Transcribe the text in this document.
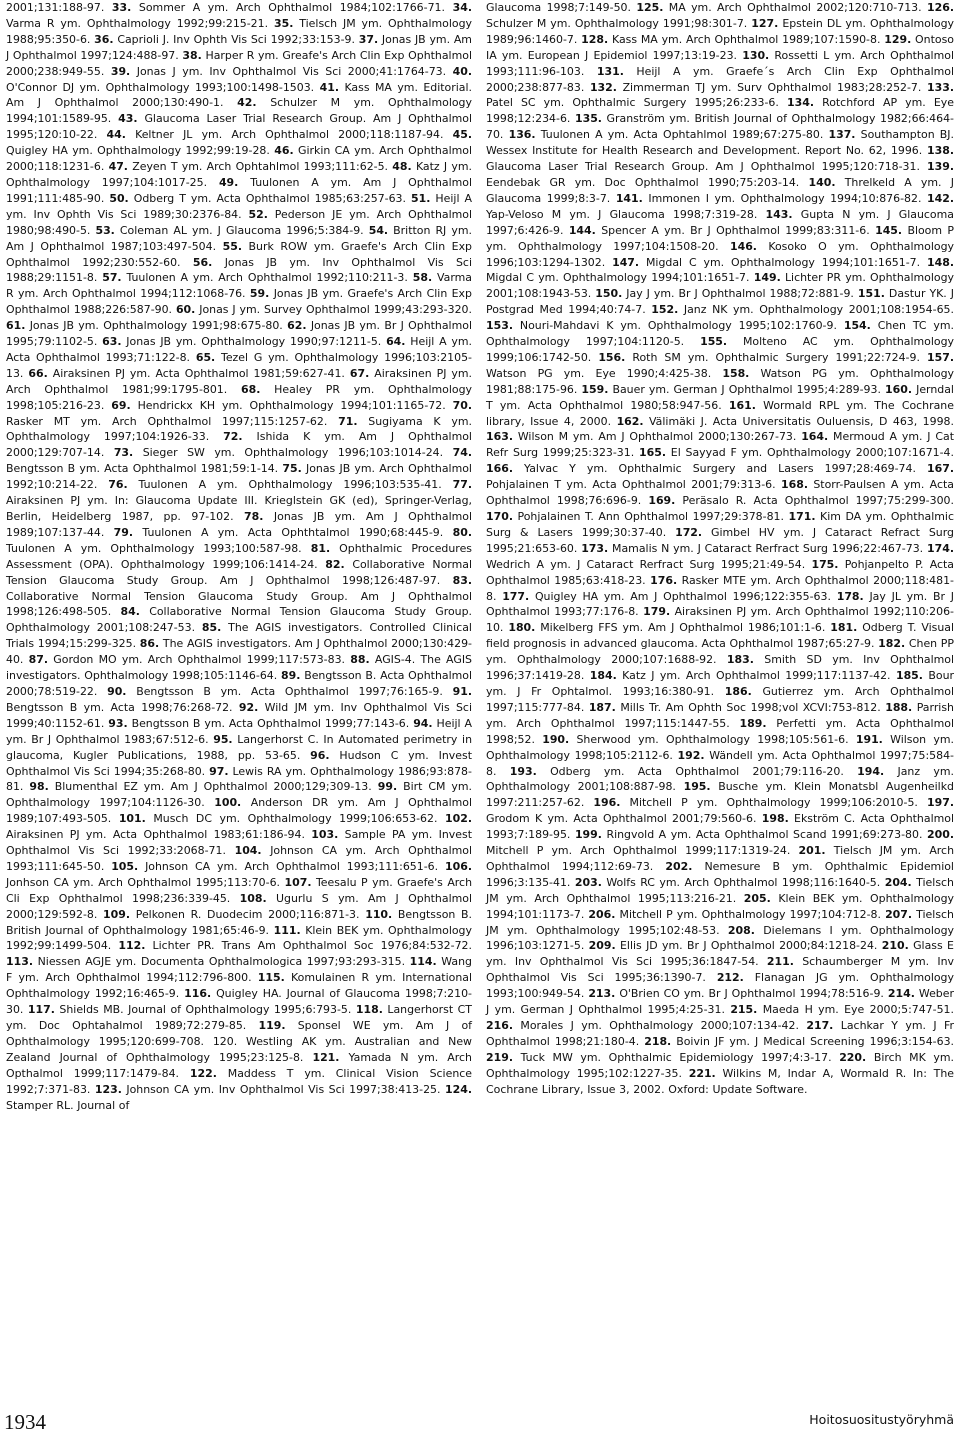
2001;131:188-97. 33. Sommer A ym. Arch Ophthalmol 1984;102:1766-71. 34. Varma R ym. Ophthalmology 1992;99:215-21. 35. Tielsch JM ym. Ophthalmology 1988;95:350-6. 36. Caprioli J. Inv Ophth Vis Sci 1992;33:153-9. 37. Jonas JB ym. Am J Ophthalmol 1997;124:488-97. 38. Harper R ym. Greafe's Arch Clin Exp Ophthalmol 2000;238:949-55. 39. Jonas J ym. Inv Ophthalmol Vis Sci 2000;41:1764-73. 40. O'Connor DJ ym. Ophthalmology 1993;100:1498-1503. 41. Kass MA ym. Editorial. Am J Ophthalmol 2000;130:490-1. 42. Schulzer M ym. Ophthalmology 1994;101:1589-95. 43. Glaucoma Laser Trial Research Group. Am J Ophthalmol 1995;120:10-22. 44. Keltner JL ym. Arch Ophthalmol 2000;118:1187-94. 45. Quigley HA ym. Ophthalmology 1992;99:19-28. 46. Girkin CA ym. Arch Ophthalmol 2000;118:1231-6. 47. Zeyen T ym. Arch Ophtahlmol 1993;111:62-5. 48. Katz J ym. Ophthalmology 1997;104:1017-25. 49. Tuulonen A ym. Am J Ophthalmol 1991;111:485-90. 50. Odberg T ym. Acta Ophthalmol 1985;63:257-63. 51. Heijl A ym. Inv Ophth Vis Sci 1989;30:2376-84. 52. Pederson JE ym. Arch Ophthalmol 1980;98:490-5. 53. Coleman AL ym. J Glaucoma 1996;5:384-9. 54. Britton RJ ym. Am J Ophthalmol 1987;103:497-504. 55. Burk ROW ym. Graefe's Arch Clin Exp Ophthalmol 1992;230:552-60. 56. Jonas JB ym. Inv Ophthalmol Vis Sci 1988;29:1151-8. 57. Tuulonen A ym. Arch Ophthalmol 1992;110:211-3. 58. Varma R ym. Arch Ophthalmol 1994;112:1068-76. 59. Jonas JB ym. Graefe's Arch Clin Exp Ophthalmol 1988;226:587-90. 60. Jonas J ym. Survey Ophthalmol 1999;43:293-320. 61. Jonas JB ym. Ophthalmology 1991;98:675-80. 62. Jonas JB ym. Br J Ophthalmol 1995;79:1102-5. 63. Jonas JB ym. Ophthalmology 1990;97:1211-5. 64. Heijl A ym. Acta Ophthalmol 1993;71:122-8. 65. Tezel G ym. Ophthalmology 1996;103:2105-13. 66. Airaksinen PJ ym. Acta Ophthalmol 1981;59:627-41. 67. Airaksinen PJ ym. Arch Ophthalmol 1981;99:1795-801. 68. Healey PR ym. Ophthalmology 1998;105:216-23. 69. Hendrickx KH ym. Ophthalmology 1994;101:1165-72. 70. Rasker MT ym. Arch Ophthalmol 1997;115:1257-62. 71. Sugiyama K ym. Ophthalmology 1997;104:1926-33. 72. Ishida K ym. Am J Ophthalmol 2000;129:707-14. 73. Sieger SW ym. Ophthalmology 1996;103:1014-24. 74. Bengtsson B ym. Acta Ophthalmol 1981;59:1-14. 75. Jonas JB ym. Arch Ophthalmol 1992;10:214-22. 76. Tuulonen A ym. Ophthalmology 1996;103:535-41. 77. Airaksinen PJ ym. In: Glaucoma Update III. Krieglstein GK (ed), Springer-Verlag, Berlin, Heidelberg 1987, pp. 97-102. 78. Jonas JB ym. Am J Ophthalmol 1989;107:137-44. 79. Tuulonen A ym. Acta Ophthtalmol 1990;68:445-9. 80. Tuulonen A ym. Ophthalmology 1993;100:587-98. 81. Ophthalmic Procedures Assessment (OPA). Ophthalmology 1999;106:1414-24. 82. Collaborative Normal Tension Glaucoma Study Group. Am J Ophthalmol 1998;126:487-97. 83. Collaborative Normal Tension Glaucoma Study Group. Am J Ophthalmol 1998;126:498-505. 84. Collaborative Normal Tension Glaucoma Study Group. Ophthalmology 2001;108:247-53. 85. The AGIS investigators. Controlled Clinical Trials 1994;15:299-325. 86. The AGIS investigators. Am J Ophthalmol 2000;130:429-40. 87. Gordon MO ym. Arch Ophthalmol 1999;117:573-83. 88. AGIS-4. The AGIS investigators. Ophthalmology 1998;105:1146-64. 89. Bengtsson B. Acta Ophthalmol 2000;78:519-22. 90. Bengtsson B ym. Acta Ophthalmol 1997;76:165-9. 91. Bengtsson B ym. Acta 1998;76:268-72. 92. Wild JM ym. Inv Ophthalmol Vis Sci 1999;40:1152-61. 93. Bengtsson B ym. Acta Ophthalmol 1999;77:143-6. 94. Heijl A ym. Br J Ophthalmol 1983;67:512-6. 95. Langerhorst C. In Automated perimetry in glaucoma, Kugler Publications, 1988, pp. 53-65. 96. Hudson C ym. Invest Ophthalmol Vis Sci 1994;35:268-80. 97. Lewis RA ym. Ophthalmology 1986;93:878-81. 98. Blumenthal EZ ym. Am J Ophthalmol 2000;129;309-13. 99. Birt CM ym. Ophthalmology 1997;104:1126-30. 100. Anderson DR ym. Am J Ophthalmol 1989;107:493-505. 101. Musch DC ym. Ophthalmology 1999;106:653-62. 102. Airaksinen PJ ym. Acta Ophthalmol 1983;61:186-94. 103. Sample PA ym. Invest Ophthalmol Vis Sci 1992;33:2068-71. 104. Johnson CA ym. Arch Ophthalmol 1993;111:645-50. 105. Johnson CA ym. Arch Ophthalmol 1993;111:651-6. 106. Jonhson CA ym. Arch Ophthalmol 1995;113:70-6. 107. Teesalu P ym. Graefe's Arch Cli Exp Ophthalmol 1998;236:339-45. 108. Ugurlu S ym. Am J Ophthalmol 2000;129:592-8. 109. Pelkonen R. Duodecim 2000;116:871-3. 110. Bengtsson B. British Journal of Ophthalmology 1981;65:46-9. 111. Klein BEK ym. Ophthalmology 1992;99:1499-504. 112. Lichter PR. Trans Am Ophthalmol Soc 1976;84:532-72. 113. Niessen AGJE ym. Documenta Ophthalmologica 1997;93:293-315. 114. Wang F ym. Arch Ophthalmol 1994;112:796-800. 115. Komulainen R ym. International Ophthalmology 1992;16:465-9. 116. Quigley HA. Journal of Glaucoma 1998;7:210-30. 117. Shields MB. Journal of Ophthalmology 1995;6:793-5. 118. Langerhorst CT ym. Doc Ophtahalmol 1989;72:279-85. 119. Sponsel WE ym. Am J of Ophthalmology 1995;120:699-708. 120. Westling AK ym. Australian and New Zealand Journal of Ophthalmology 1995;23:125-8. 121. Yamada N ym. Arch Opthalmol 1999;117:1479-84. 122. Maddess T ym. Clinical Vision Science 1992;7:371-83. 123. Johnson CA ym. Inv Ophthalmol Vis Sci 1997;38:413-25. 124. Stamper RL. Journal of

Glaucoma 1998;7:149-50. 125. MA ym. Arch Ophthalmol 2002;120:710-713. 126. Schulzer M ym. Ophthalmology 1991;98:301-7. 127. Epstein DL ym. Ophthalmology 1989;96:1460-7. 128. Kass MA ym. Arch Ophthalmol 1989;107:1590-8. 129. Ontoso IA ym. European J Epidemiol 1997;13:19-23. 130. Rossetti L ym. Arch Ophthalmol 1993;111:96-103. 131. Heijl A ym. Graefe´s Arch Clin Exp Ophthalmol 2000;238:877-83. 132. Zimmerman TJ ym. Surv Ophthalmol 1983;28:252-7. 133. Patel SC ym. Ophthalmic Surgery 1995;26:233-6. 134. Rotchford AP ym. Eye 1998;12:234-6. 135. Granström ym. British Journal of Ophthalmology 1982;66:464-70. 136. Tuulonen A ym. Acta Ophtahlmol 1989;67:275-80. 137. Southampton BJ. Wessex Institute for Health Research and Development. Report No. 62, 1996. 138. Glaucoma Laser Trial Research Group. Am J Ophthalmol 1995;120:718-31. 139. Eendebak GR ym. Doc Ophthalmol 1990;75:203-14. 140. Threlkeld A ym. J Glaucoma 1999;8:3-7. 141. Immonen I ym. Ophthalmology 1994;10:876-82. 142. Yap-Veloso M ym. J Glaucoma 1998;7:319-28. 143. Gupta N ym. J Glaucoma 1997;6:426-9. 144. Spencer A ym. Br J Ophthalmol 1999;83:311-6. 145. Bloom P ym. Ophthalmology 1997;104:1508-20. 146. Kosoko O ym. Ophthalmology 1996;103:1294-1302. 147. Migdal C ym. Ophthalmology 1994;101:1651-7. 148. Migdal C ym. Ophthalmology 1994;101:1651-7. 149. Lichter PR ym. Ophthalmology 2001;108:1943-53. 150. Jay J ym. Br J Ophthalmol 1988;72:881-9. 151. Dastur YK. J Postgrad Med 1994;40:74-7. 152. Janz NK ym. Ophthalmology 2001;108:1954-65. 153. Nouri-Mahdavi K ym. Ophthalmology 1995;102:1760-9. 154. Chen TC ym. Ophthalmology 1997;104:1120-5. 155. Molteno AC ym. Ophthalmology 1999;106:1742-50. 156. Roth SM ym. Ophthalmic Surgery 1991;22:724-9. 157. Watson PG ym. Eye 1990;4:425-38. 158. Watson PG ym. Ophthalmology 1981;88:175-96. 159. Bauer ym. German J Ophthalmol 1995;4:289-93. 160. Jerndal T ym. Acta Ophthalmol 1980;58:947-56. 161. Wormald RPL ym. The Cochrane library, Issue 4, 2000. 162. Välimäki J. Acta Universitatis Ouluensis, D 463, 1998. 163. Wilson M ym. Am J Ophthalmol 2000;130:267-73. 164. Mermoud A ym. J Cat Refr Surg 1999;25:323-31. 165. El Sayyad F ym. Ophthalmology 2000;107:1671-4. 166. Yalvac Y ym. Ophthalmic Surgery and Lasers 1997;28:469-74. 167. Pohjalainen T ym. Acta Ophthalmol 2001;79:313-6. 168. Storr-Paulsen A ym. Acta Ophthalmol 1998;76:696-9. 169. Peräsalo R. Acta Ophthalmol 1997;75:299-300. 170. Pohjalainen T. Ann Ophthalmol 1997;29:378-81. 171. Kim DA ym. Ophthalmic Surg & Lasers 1999;30:37-40. 172. Gimbel HV ym. J Cataract Refract Surg 1995;21:653-60. 173. Mamalis N ym. J Cataract Rerfract Surg 1996;22:467-73. 174. Wedrich A ym. J Cataract Rerfract Surg 1995;21:49-54. 175. Pohjanpelto P. Acta Ophthalmol 1985;63:418-23. 176. Rasker MTE ym. Arch Ophthalmol 2000;118:481-8. 177. Quigley HA ym. Am J Ophthalmol 1996;122:355-63. 178. Jay JL ym. Br J Ophthalmol 1993;77:176-8. 179. Airaksinen PJ ym. Arch Ophthalmol 1992;110:206-10. 180. Mikelberg FFS ym. Am J Ophthalmol 1986;101:1-6. 181. Odberg T. Visual field prognosis in advanced glaucoma. Acta Ophthalmol 1987;65:27-9. 182. Chen PP ym. Ophthalmology 2000;107:1688-92. 183. Smith SD ym. Inv Ophthalmol 1996;37:1419-28. 184. Katz J ym. Arch Ophthalmol 1999;117:1137-42. 185. Bour ym. J Fr Ophtalmol. 1993;16:380-91. 186. Gutierrez ym. Arch Ophthalmol 1997;115:777-84. 187. Mills Tr. Am Ophth Soc 1998;vol XCVI:753-812. 188. Parrish ym. Arch Ophthalmol 1997;115:1447-55. 189. Perfetti ym. Acta Ophthalmol 1998;52. 190. Sherwood ym. Ophthalmology 1998;105:561-6. 191. Wilson ym. Ophthalmology 1998;105:2112-6. 192. Wändell ym. Acta Ophthalmol 1997;75:584-8. 193. Odberg ym. Acta Ophthalmol 2001;79:116-20. 194. Janz ym. Ophthalmology 2001;108:887-98. 195. Busche ym. Klein Monatsbl Augenheilkd 1997:211:257-62. 196. Mitchell P ym. Ophthalmology 1999;106:2010-5. 197. Grodom K ym. Acta Ophthalmol 2001;79:560-6. 198. Ekström C. Acta Ophthalmol 1993;7:189-95. 199. Ringvold A ym. Acta Ophthalmol Scand 1991;69:273-80. 200. Mitchell P ym. Arch Ophthalmol 1999;117:1319-24. 201. Tielsch JM ym. Arch Ophthalmol 1994;112:69-73. 202. Nemesure B ym. Ophthalmic Epidemiol 1996;3:135-41. 203. Wolfs RC ym. Arch Ophthalmol 1998;116:1640-5. 204. Tielsch JM ym. Arch Ophthalmol 1995;113:216-21. 205. Klein BEK ym. Ophthalmology 1994;101:1173-7. 206. Mitchell P ym. Ophthalmology 1997;104:712-8. 207. Tielsch JM ym. Ophthalmology 1995;102:48-53. 208. Dielemans I ym. Ophthalmology 1996;103:1271-5. 209. Ellis JD ym. Br J Ophthalmol 2000;84:1218-24. 210. Glass E ym. Inv Ophthalmol Vis Sci 1995;36:1847-54. 211. Schaumberger M ym. Inv Ophthalmol Vis Sci 1995;36:1390-7. 212. Flanagan JG ym. Ophthalmology 1993;100:949-54. 213. O'Brien CO ym. Br J Ophthalmol 1994;78:516-9. 214. Weber J ym. German J Ophthalmol 1995;4:25-31. 215. Maeda H ym. Eye 2000;5:747-51. 216. Morales J ym. Ophthalmology 2000;107:134-42. 217. Lachkar Y ym. J Fr Ophthalmol 1998;21:180-4. 218. Boivin JF ym. J Medical Screening 1996;3:154-63. 219. Tuck MW ym. Ophthalmic Epidemiology 1997;4:3-17. 220. Birch MK ym. Ophthalmology 1995;102:1227-35. 221. Wilkins M, Indar A, Wormald R. In: The Cochrane Library, Issue 3, 2002. Oxford: Update Software.

1934	Hoitosuositustyöryhmä
